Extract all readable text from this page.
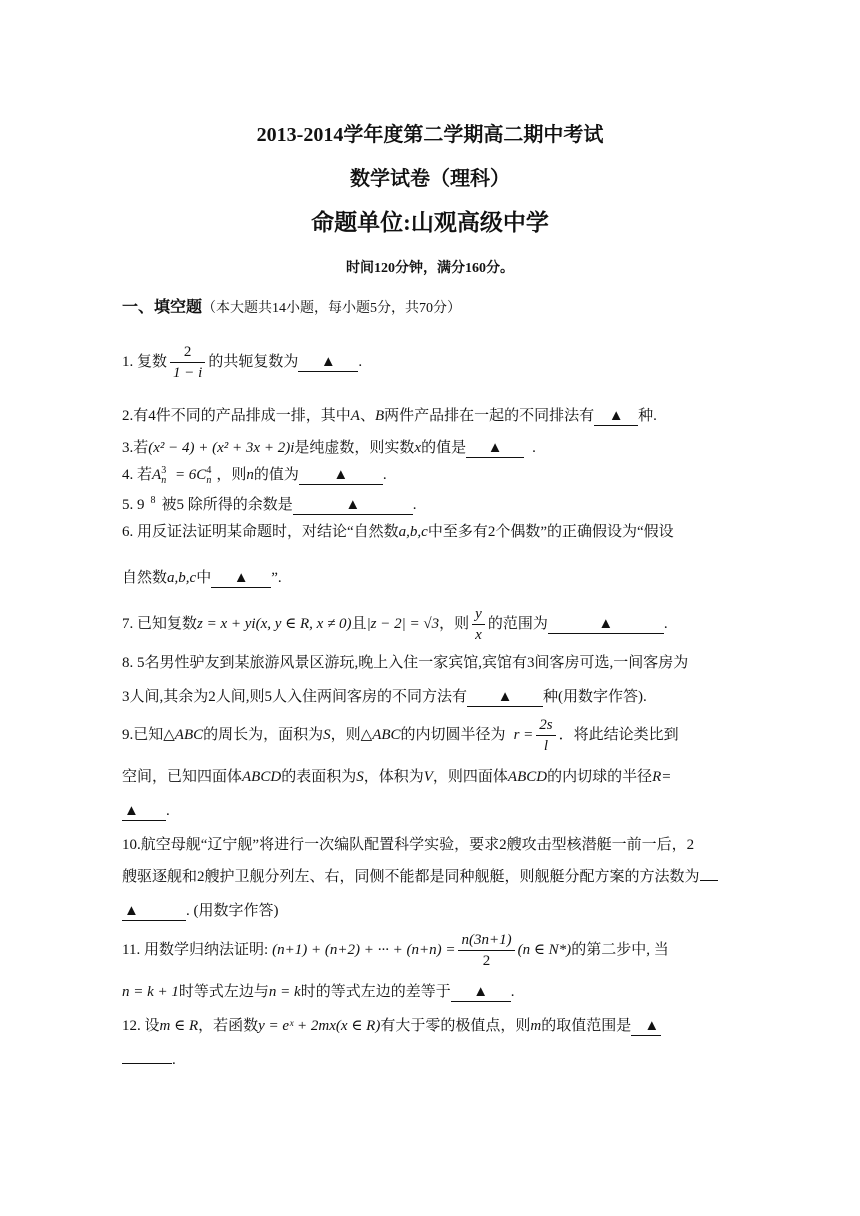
2013-2014学年度第二学期高二期中考试
数学试卷（理科）
命题单位:山观高级中学
时间120分钟，满分160分。
一、填空题（本大题共14小题，每小题5分，共70分）
1. 复数 $\frac{2}{1 - i}$ 的共轭复数为 ▲ .
2.有4件不同的产品排成一排，其中A、B两件产品排在一起的不同排法有 ▲ 种.
3.若(x² − 4) + (x² + 3x + 2)i是纯虚数，则实数x的值是 ▲ .
4. 若A 3
n = 6C 4
n ，则n的值为 ▲ .
5. 9 $^8$ 被5 除所得的余数是	▲	.
6. 用反证法证明某命题时，对结论“自然数a,b,c中至多有2个偶数”的正确假设为“假设
自然数a,b,c中 ▲ ”.
7. 已知复数z = x + yi(x, y ∈ R, x ≠ 0)且|z − 2| = √3，则 $\frac{y}{x}$ 的范围为	▲	.
8. 5名男性驴友到某旅游风景区游玩,晚上入住一家宾馆,宾馆有3间客房可选,一间客房为
3人间,其余为2人间,则5人入住两间客房的不同方法有 ▲ 种(用数字作答).
9.已知△ABC的周长为，面积为S，则△ABC的内切圆半径为 $r = \frac{2s}{l}$ ．将此结论类比到
空间，已知四面体ABCD的表面积为S，体积为V，则四面体ABCD的内切球的半径R=
▲ .
10.航空母舰“辽宁舰”将进行一次编队配置科学实验，要求2艘攻击型核潜艇一前一后，2
艘驱逐舰和2艘护卫舰分列左、右，同侧不能都是同种舰艇，则舰艇分配方案的方法数为
▲	. (用数字作答)
11. 用数学归纳法证明: (n+1) + (n+2) + ··· + $(n+n) = \frac{n(3n+1)}{2} (n$ ∈ N*)的第二步中, 当
n = k + 1时等式左边与n = k时的等式左边的差等于 ▲ .
12. 设m ∈ R，若函数y = eˣ + 2mx(x ∈ R)有大于零的极值点，则m的取值范围是 ▲
.
